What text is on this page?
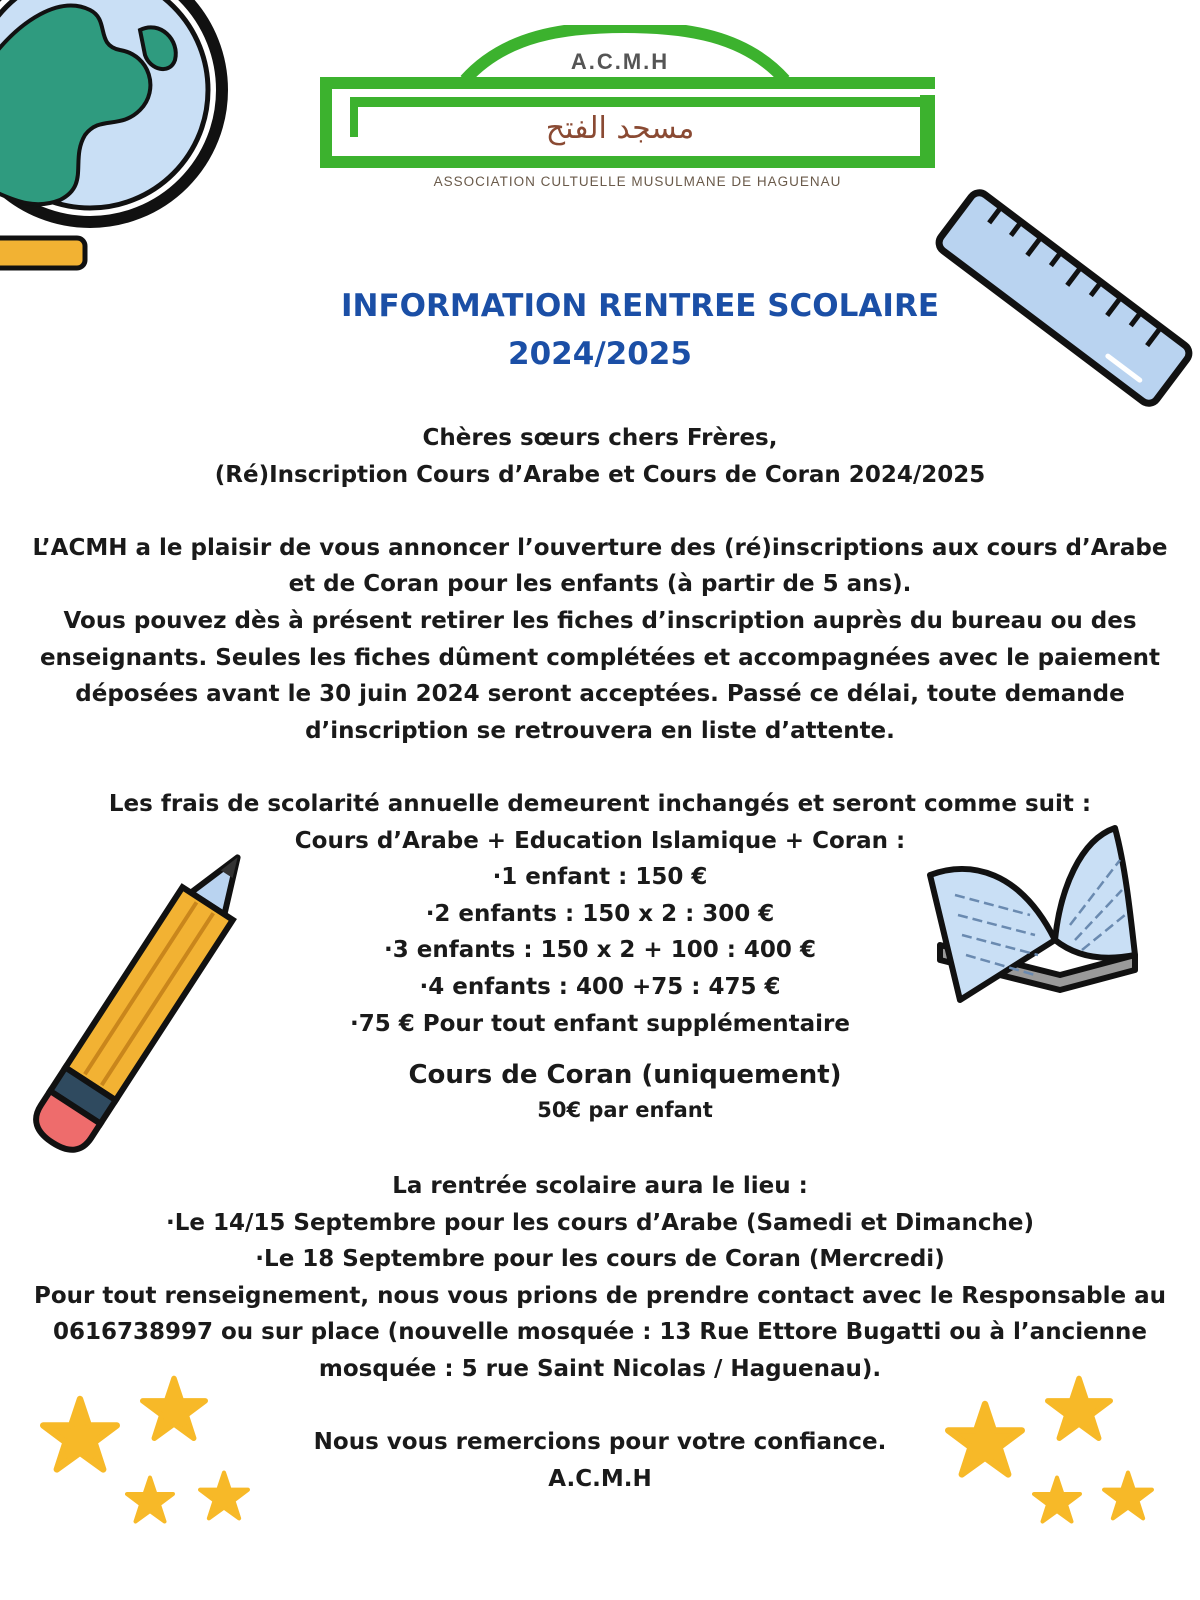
A.C.M.H
مسجد الفتح
ASSOCIATION CULTUELLE MUSULMANE DE HAGUENAU
INFORMATION RENTREE SCOLAIRE
2024/2025
Chères sœurs chers Frères,
(Ré)Inscription Cours d’Arabe et Cours de Coran 2024/2025
L’ACMH a le plaisir de vous annoncer l’ouverture des (ré)inscriptions aux cours d’Arabe
et de Coran pour les enfants (à partir de 5 ans).
Vous pouvez dès à présent retirer les fiches d’inscription auprès du bureau ou des
enseignants. Seules les fiches dûment complétées et accompagnées avec le paiement
déposées avant le 30 juin 2024 seront acceptées. Passé ce délai, toute demande
d’inscription se retrouvera en liste d’attente.
Les frais de scolarité annuelle demeurent inchangés et seront comme suit :
Cours d’Arabe + Education Islamique + Coran :
·1 enfant : 150 €
·2 enfants : 150 x 2 : 300 €
·3 enfants : 150 x 2 + 100 : 400 €
·4 enfants : 400 +75 : 475 €
·75 € Pour tout enfant supplémentaire
Cours de Coran (uniquement)
50€ par enfant
La rentrée scolaire aura le lieu :
·Le 14/15 Septembre pour les cours d’Arabe (Samedi et Dimanche)
·Le 18 Septembre pour les cours de Coran (Mercredi)
Pour tout renseignement, nous vous prions de prendre contact avec le Responsable au
0616738997 ou sur place (nouvelle mosquée : 13 Rue Ettore Bugatti ou à l’ancienne
mosquée : 5 rue Saint Nicolas / Haguenau).
Nous vous remercions pour votre confiance.
A.C.M.H
